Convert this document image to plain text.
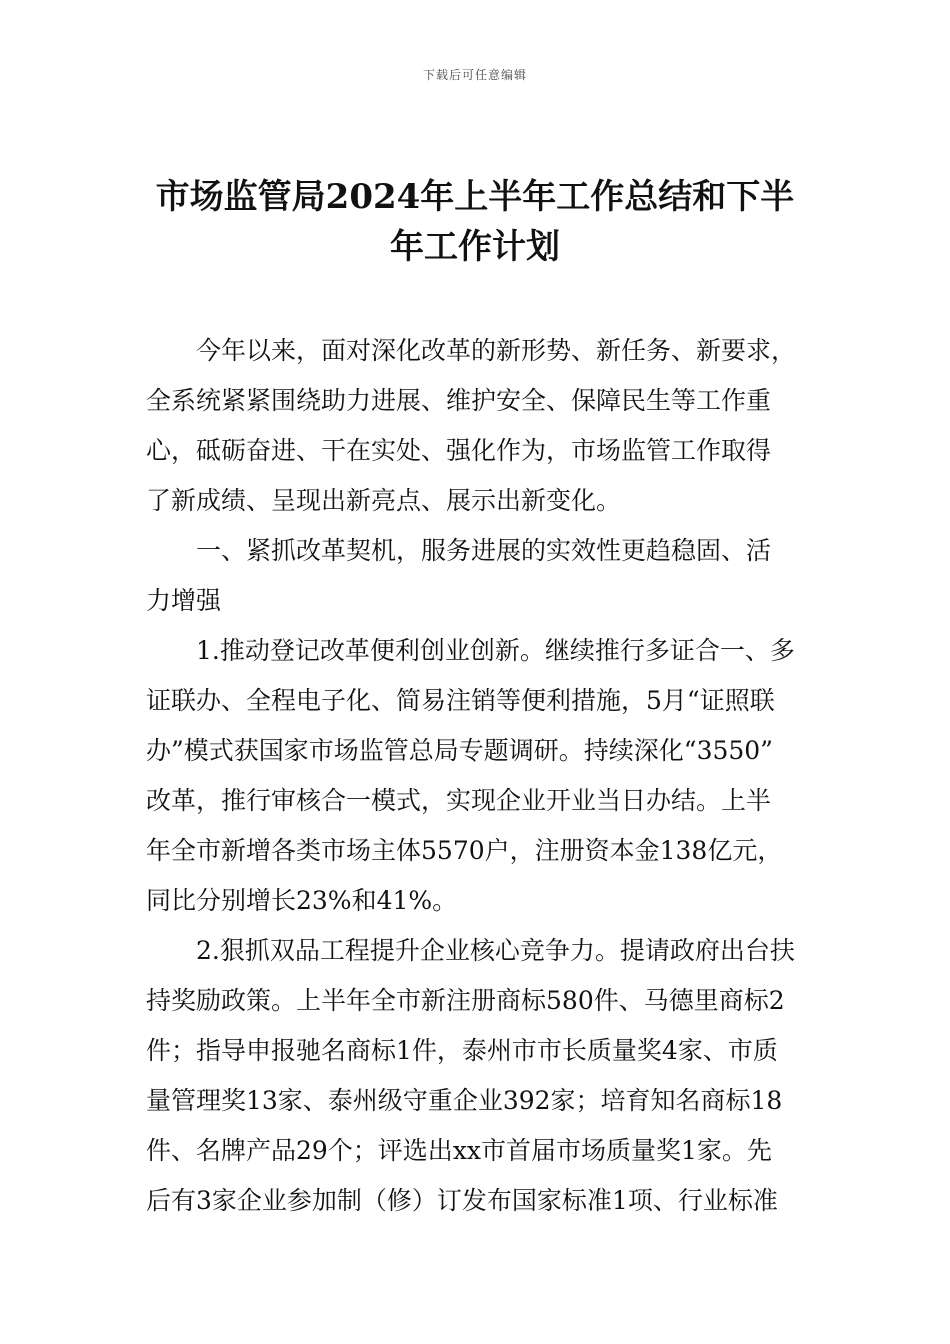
下载后可任意编辑
市场监管局2024年上半年工作总结和下半
年工作计划

今年以来，面对深化改革的新形势、新任务、新要求，
全系统紧紧围绕助力进展、维护安全、保障民生等工作重
心，砥砺奋进、干在实处、强化作为，市场监管工作取得
了新成绩、呈现出新亮点、展示出新变化。

一、紧抓改革契机，服务进展的实效性更趋稳固、活
力增强

1.推动登记改革便利创业创新。继续推行多证合一、多
证联办、全程电子化、简易注销等便利措施，5月“证照联
办”模式获国家市场监管总局专题调研。持续深化“3550”
改革，推行审核合一模式，实现企业开业当日办结。上半
年全市新增各类市场主体5570户，注册资本金138亿元，
同比分别增长23%和41%。

2.狠抓双品工程提升企业核心竞争力。提请政府出台扶
持奖励政策。上半年全市新注册商标580件、马德里商标2
件；指导申报驰名商标1件，泰州市市长质量奖4家、市质
量管理奖13家、泰州级守重企业392家；培育知名商标18
件、名牌产品29个；评选出xx市首届市场质量奖1家。先
后有3家企业参加制（修）订发布国家标准1项、行业标准
